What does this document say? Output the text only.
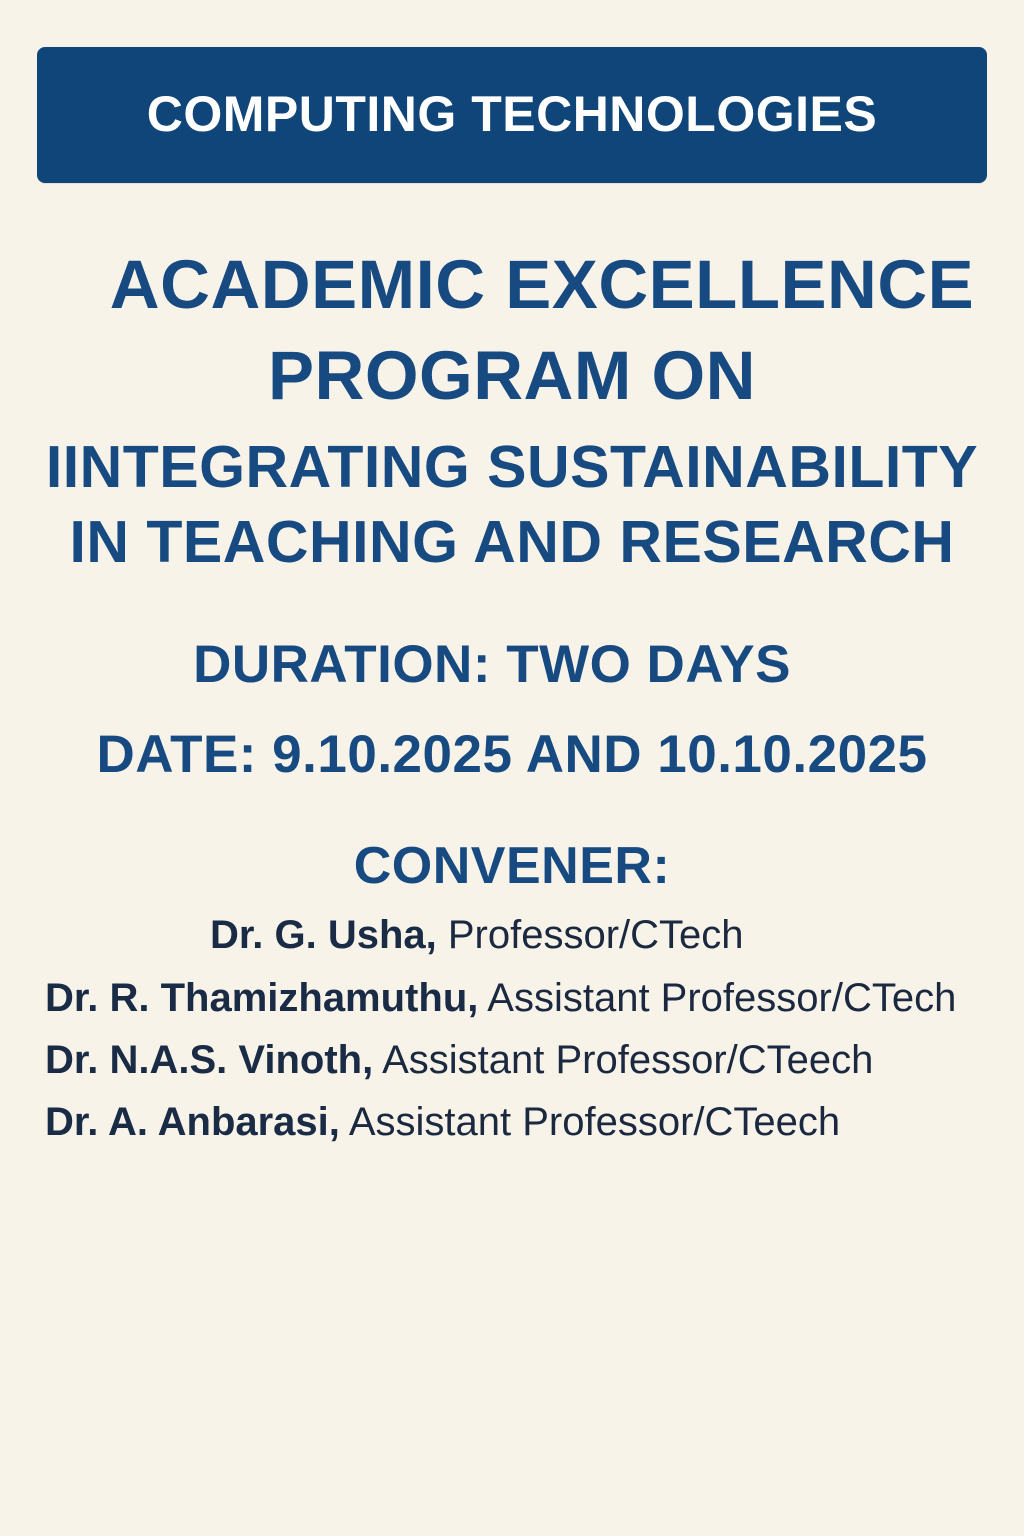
COMPUTING TECHNOLOGIES
ACADEMIC EXCELLENCE
PROGRAM ON
IINTEGRATING SUSTAINABILITY
IN TEACHING AND RESEARCH
DURATION: TWO DAYS
DATE: 9.10.2025 AND 10.10.2025
CONVENER:
Dr. G. Usha, Professor/CTech
Dr. R. Thamizhamuthu, Assistant Professor/CTech
Dr. N.A.S. Vinoth, Assistant Professor/CTeech
Dr. A. Anbarasi, Assistant Professor/CTeech
